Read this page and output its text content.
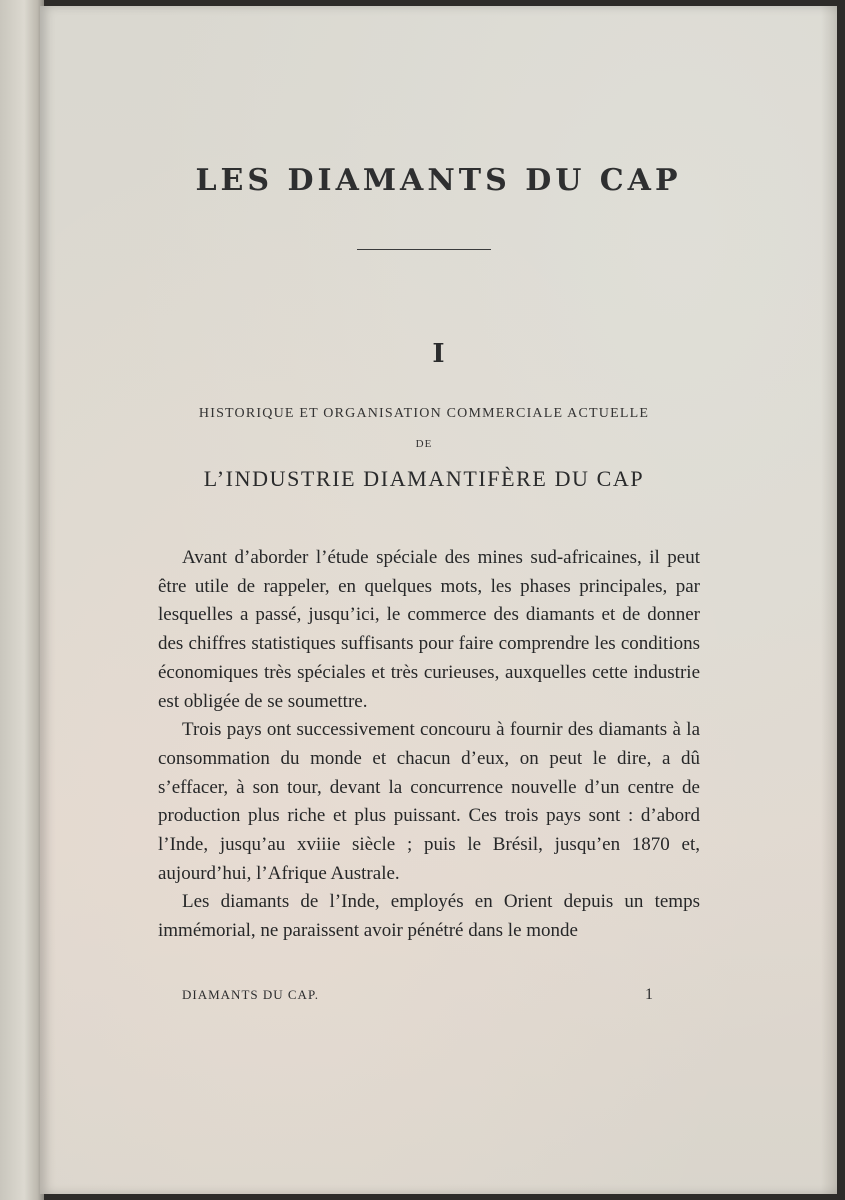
LES DIAMANTS DU CAP
I
HISTORIQUE ET ORGANISATION COMMERCIALE ACTUELLE
DE
L’INDUSTRIE DIAMANTIFÈRE DU CAP

Avant d’aborder l’étude spéciale des mines sud-africaines, il peut être utile de rappeler, en quelques mots, les phases principales, par lesquelles a passé, jusqu’ici, le commerce des diamants et de donner des chiffres statistiques suffisants pour faire comprendre les conditions économiques très spéciales et très curieuses, auxquelles cette industrie est obligée de se soumettre.

Trois pays ont successivement concouru à fournir des diamants à la consommation du monde et chacun d’eux, on peut le dire, a dû s’effacer, à son tour, devant la concurrence nouvelle d’un centre de production plus riche et plus puissant. Ces trois pays sont : d’abord l’Inde, jusqu’au xviiie siècle ; puis le Brésil, jusqu’en 1870 et, aujourd’hui, l’Afrique Australe.

Les diamants de l’Inde, employés en Orient depuis un temps immémorial, ne paraissent avoir pénétré dans le monde

DIAMANTS DU CAP.	1
